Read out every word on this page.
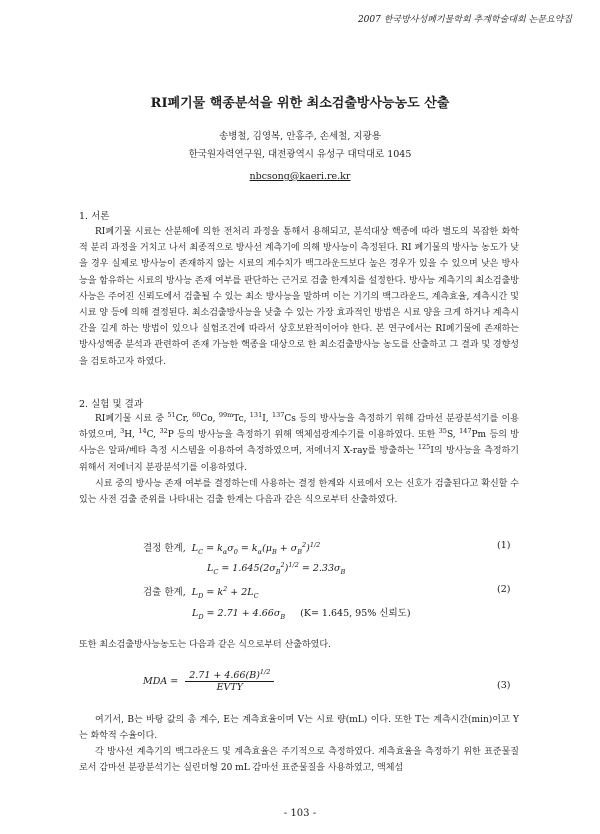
2007 한국방사성폐기물학회 추계학술대회 논문요약집
RI폐기물 핵종분석을 위한 최소검출방사능농도 산출
송병철, 김영복, 안홍주, 손세철, 지광용
한국원자력연구원, 대전광역시 유성구 대덕대로 1045
nbcsong@kaeri.re.kr
1. 서론
RI폐기물 시료는 산분해에 의한 전처리 과정을 통해서 용해되고, 분석대상 핵종에 따라 별도의 복잡한 화학적 분리 과정을 거치고 나서 최종적으로 방사선 계측기에 의해 방사능이 측정된다. RI 폐기물의 방사능 농도가 낮을 경우 실제로 방사능이 존재하지 않는 시료의 계수치가 백그라운드보다 높은 경우가 있을 수 있으며 낮은 방사능을 함유하는 시료의 방사능 존재 여부를 판단하는 근거로 검출 한계치를 설정한다. 방사능 계측기의 최소검출방사능은 주어진 신뢰도에서 검출될 수 있는 최소 방사능을 말하며 이는 기기의 백그라운드, 계측효율, 계측시간 및 시료 양 등에 의해 결정된다. 최소검출방사능을 낮출 수 있는 가장 효과적인 방법은 시료 양을 크게 하거나 계측시간을 길게 하는 방법이 있으나 실험조건에 따라서 상호보완적이어야 한다. 본 연구에서는 RI폐기물에 존재하는 방사성핵종 분석과 관련하여 존재 가능한 핵종을 대상으로 한 최소검출방사능 농도를 산출하고 그 결과 및 경향성을 검토하고자 하였다.
2. 실험 및 결과
RI폐기물 시료 중 $^{51}$Cr, $^{60}$Co, $^{99m}$Tc, $^{131}$I, $^{137}$Cs 등의 방사능을 측정하기 위해 감마선 분광분석기를 이용하였으며, $^3$H, $^{14}$C, $^{32}$P 등의 방사능을 측정하기 위해 액체섬광계수기를 이용하였다. 또한 $^{35}$S, $^{147}$Pm 등의 방사능은 알파/베타 측정 시스템을 이용하여 측정하였으며, 저에너지 X-ray를 방출하는 $^{125}$I의 방사능을 측정하기 위해서 저에너지 분광분석기를 이용하였다.
시료 중의 방사능 존재 여부를 결정하는데 사용하는 결정 한계와 시료에서 오는 신호가 검출된다고 확신할 수 있는 사전 검출 준위를 나타내는 검출 한계는 다음과 같은 식으로부터 산출하였다.
결정 한계,  $L_C = k_\alpha\sigma_0 = k_\alpha(\mu_B + \sigma_B^2)^{1/2}$	(1)
$L_C = 1.645(2\sigma_B^2)^{1/2} = 2.33\sigma_B$
검출 한계,  $L_D = k^2 + 2L_C$
(2)
$L_D = 2.71 + 4.66\sigma_B$ (K= 1.645, 95% 신뢰도)
또한 최소검출방사능농도는 다음과 같은 식으로부터 산출하였다.
MDA = $\frac{2.71 + 4.66(B)^{1/2}}{\text{EVTY}}$	(3)
여기서, B는 바탕 값의 총 계수, E는 계측효율이며 V는 시료 량(mL) 이다. 또한 T는 계측시간(min)이고 Y는 화학적 수율이다.
각 방사선 계측기의 백그라운드 및 계측효율은 주기적으로 측정하였다. 계측효율을 측정하기 위한 표준물질로서 감마선 분광분석기는 실린더형 20 mL 감마선 표준물질을 사용하였고, 액체섬
- 103 -
